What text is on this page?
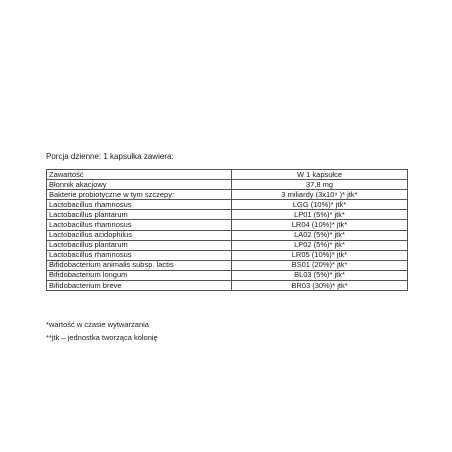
Porcja dzienne: 1 kapsułka zawiera:
Zawartość	W 1 kapsułce
Błonnik akacjowy	37,8 mg
Bakterie probiotyczne w tym szczepy:	3 miliardy (3x10⁹ )* jtk*
Lactobacillus rhamnosus	LGG (10%)* jtk*
Lactobacillus plantarum	LP01 (5%)* jtk*
Lactobacillus rhamnosus	LR04 (10%)* jtk*
Lactobacillus acidophilus	LA02 (5%)* jtk*
Lactobacillus plantarum	LP02 (5%)* jtk*
Lactobacillus rhamnosus	LR05 (10%)* jtk*
Bifidobacterium animalis subsp. lactis	BS01 (20%)* jtk*
Bifidobacterium longum	BL03 (5%)* jtk*
Bifidobacterium breve	BR03 (30%)* jtk*
*wartość w czasie wytwarzania
**jtk – jednostka tworząca kolonię
